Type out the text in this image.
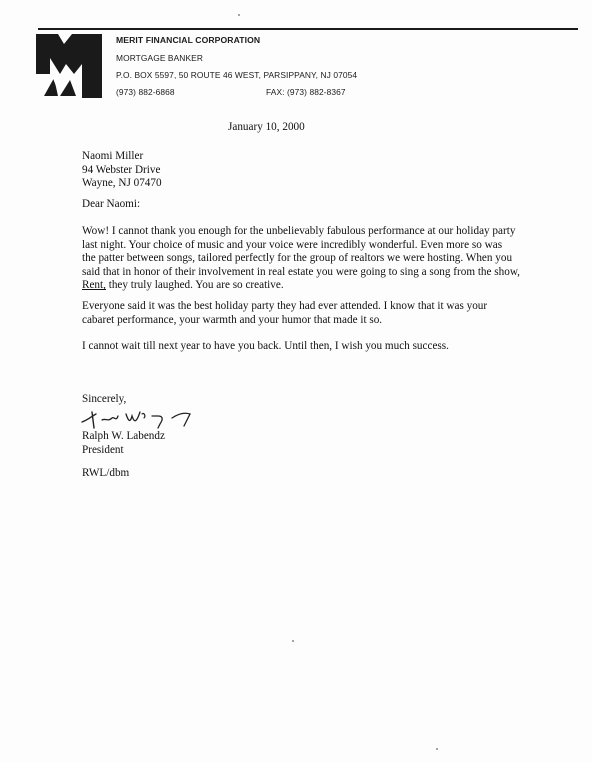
MERIT FINANCIAL CORPORATION
MORTGAGE BANKER
P.O. BOX 5597, 50 ROUTE 46 WEST, PARSIPPANY, NJ 07054
(973) 882-6868	FAX: (973) 882-8367
January 10, 2000
Naomi Miller
94 Webster Drive
Wayne, NJ 07470
Dear Naomi:
Wow! I cannot thank you enough for the unbelievably fabulous performance at our holiday party
last night. Your choice of music and your voice were incredibly wonderful. Even more so was
the patter between songs, tailored perfectly for the group of realtors we were hosting. When you
said that in honor of their involvement in real estate you were going to sing a song from the show,
Rent, they truly laughed. You are so creative.
Everyone said it was the best holiday party they had ever attended. I know that it was your
cabaret performance, your warmth and your humor that made it so.
I cannot wait till next year to have you back. Until then, I wish you much success.
Sincerely,
Ralph W. Labendz
President
RWL/dbm
